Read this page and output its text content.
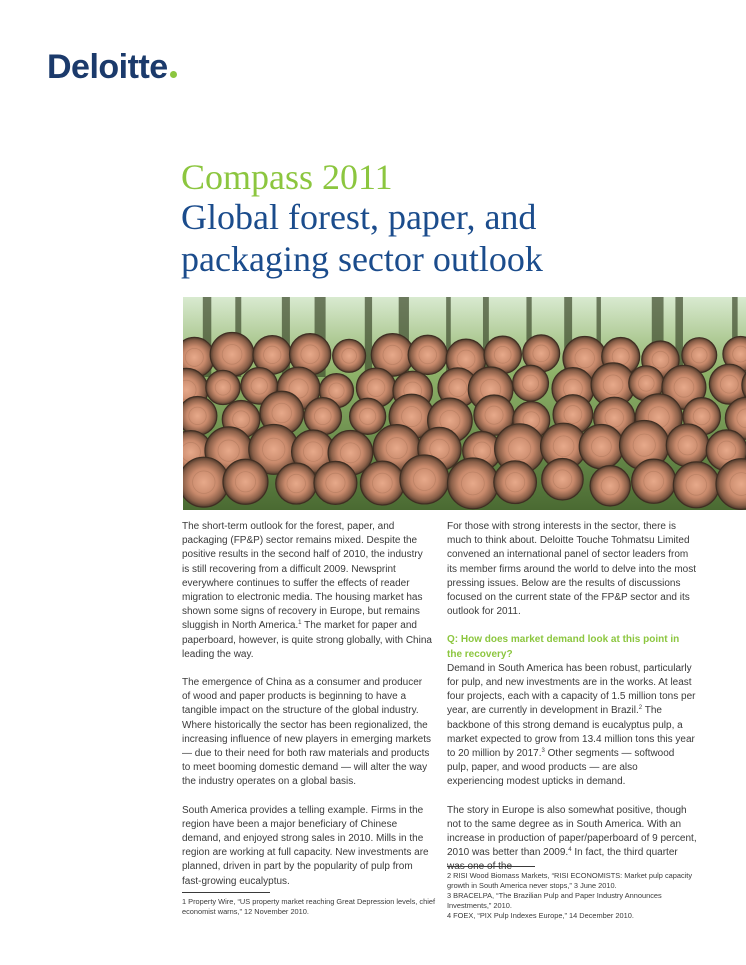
Deloitte
Compass 2011
Global forest, paper, and
packaging sector outlook

The short-term outlook for the forest, paper, and packaging (FP&P) sector remains mixed. Despite the positive results in the second half of 2010, the industry is still recovering from a difficult 2009. Newsprint everywhere continues to suffer the effects of reader migration to electronic media. The housing market has shown some signs of recovery in Europe, but remains sluggish in North America.$^1$ The market for paper and paperboard, however, is quite strong globally, with China leading the way.

The emergence of China as a consumer and producer of wood and paper products is beginning to have a tangible impact on the structure of the global industry. Where historically the sector has been regionalized, the increasing influence of new players in emerging markets — due to their need for both raw materials and products to meet booming domestic demand — will alter the way the industry operates on a global basis.

South America provides a telling example. Firms in the region have been a major beneficiary of Chinese demand, and enjoyed strong sales in 2010. Mills in the region are working at full capacity. New investments are planned, driven in part by the popularity of pulp from fast-growing eucalyptus.

For those with strong interests in the sector, there is much to think about. Deloitte Touche Tohmatsu Limited convened an international panel of sector leaders from its member firms around the world to delve into the most pressing issues. Below are the results of discussions focused on the current state of the FP&P sector and its outlook for 2011.

Q: How does market demand look at this point in the recovery?

Demand in South America has been robust, particularly for pulp, and new investments are in the works. At least four projects, each with a capacity of 1.5 million tons per year, are currently in development in Brazil.$^2$ The backbone of this strong demand is eucalyptus pulp, a market expected to grow from 13.4 million tons this year to 20 million by 2017.$^3$ Other segments — softwood pulp, paper, and wood products — are also experiencing modest upticks in demand.

The story in Europe is also somewhat positive, though not to the same degree as in South America. With an increase in production of paper/paperboard of 9 percent, 2010 was better than 2009.$^4$ In fact, the third quarter

1 Property Wire, “US property market reaching Great Depression levels, chief economist warns,” 12 November 2010.
2 RISI Wood Biomass Markets, “RISI ECONOMISTS: Market pulp capacity growth in South America never stops,” 3 June 2010.
3 BRACELPA, “The Brazilian Pulp and Paper Industry Announces Investments,” 2010.
4 FOEX, “PIX Pulp Indexes Europe,” 14 December 2010.
